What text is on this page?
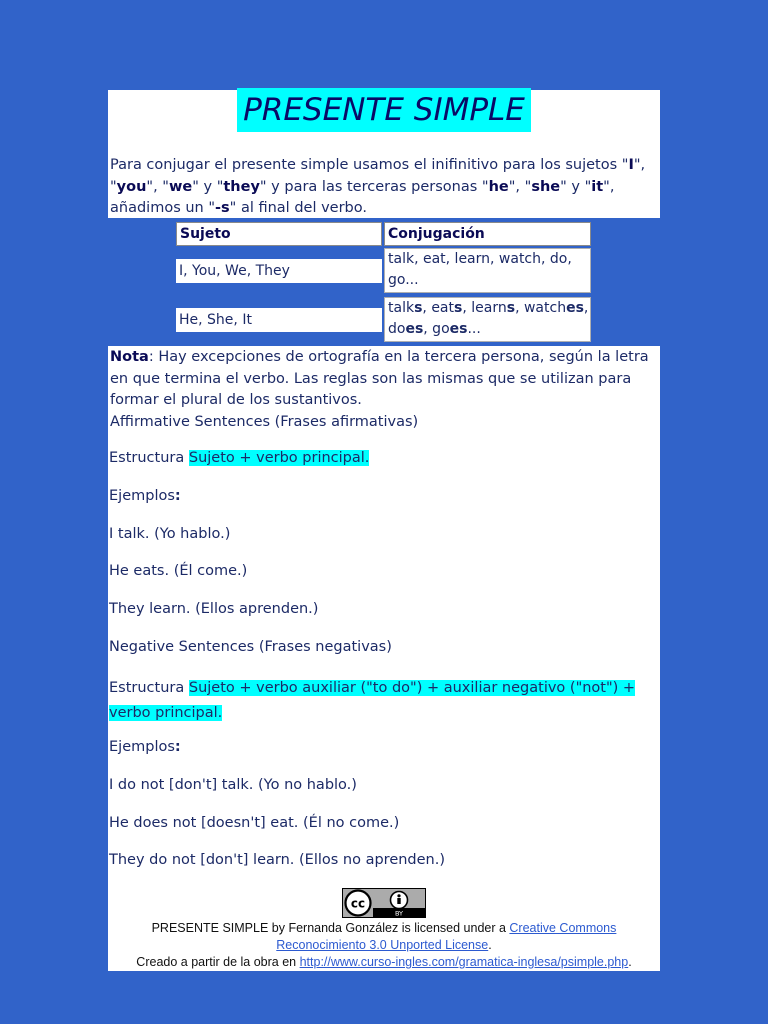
PRESENTE SIMPLE
Para conjugar el presente simple usamos el inifinitivo para los sujetos "I",
"you", "we" y "they" y para las terceras personas "he", "she" y "it",
añadimos un "-s" al final del verbo.
Sujeto	Conjugación
I, You, We, They
talk, eat, learn, watch, do,
go...
He, She, It
talks, eats, learns, watches,
does, goes...
Nota: Hay excepciones de ortografía en la tercera persona, según la letra
en que termina el verbo. Las reglas son las mismas que se utilizan para
formar el plural de los sustantivos.
Affirmative Sentences (Frases afirmativas)
Estructura Sujeto + verbo principal.
Ejemplos:
I talk. (Yo hablo.)
He eats. (Él come.)
They learn. (Ellos aprenden.)
Negative Sentences (Frases negativas)
Estructura Sujeto + verbo auxiliar ("to do") + auxiliar negativo ("not") +
verbo principal.
Ejemplos:
I do not [don't] talk. (Yo no hablo.)
He does not [doesn't] eat. (Él no come.)
They do not [don't] learn. (Ellos no aprenden.)
cc
BY
PRESENTE SIMPLE by Fernanda González is licensed under a Creative Commons
Reconocimiento 3.0 Unported License.
Creado a partir de la obra en http://www.curso-ingles.com/gramatica-inglesa/psimple.php.
